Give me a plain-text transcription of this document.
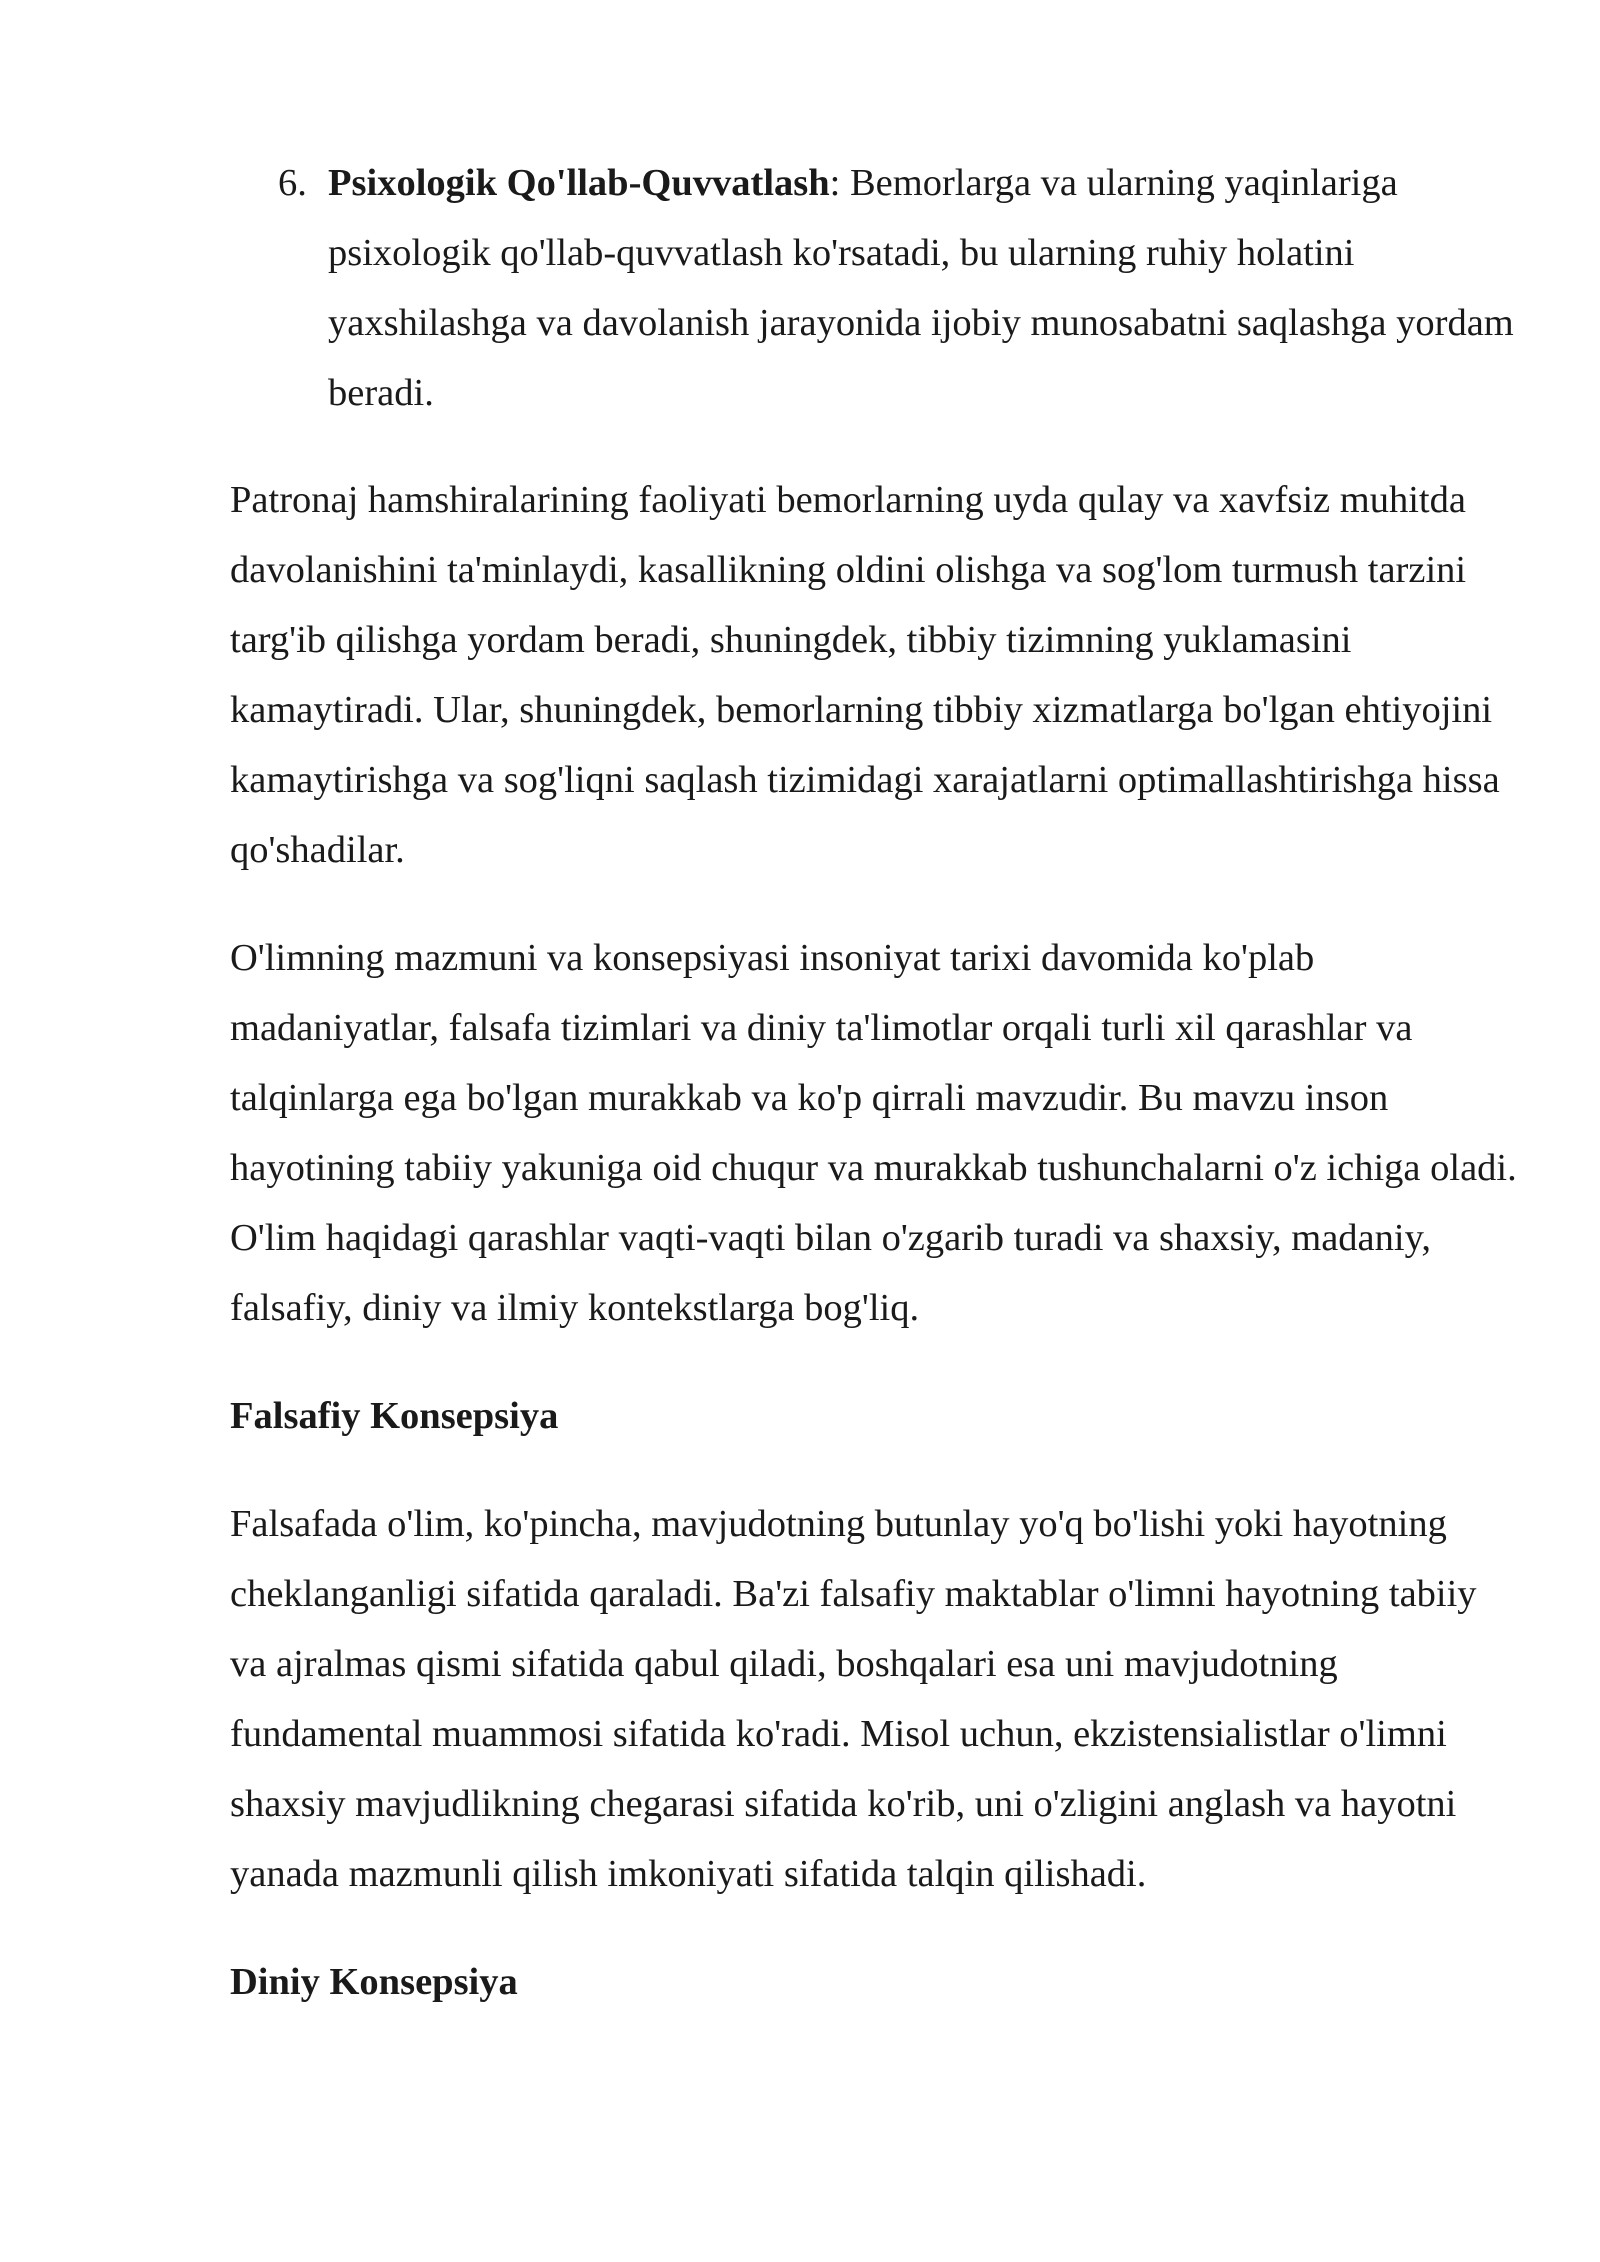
6. Psixologik Qo'llab-Quvvatlash: Bemorlarga va ularning yaqinlariga psixologik qo'llab-quvvatlash ko'rsatadi, bu ularning ruhiy holatini yaxshilashga va davolanish jarayonida ijobiy munosabatni saqlashga yordam beradi.

Patronaj hamshiralarining faoliyati bemorlarning uyda qulay va xavfsiz muhitda davolanishini ta'minlaydi, kasallikning oldini olishga va sog'lom turmush tarzini targ'ib qilishga yordam beradi, shuningdek, tibbiy tizimning yuklamasini kamaytiradi. Ular, shuningdek, bemorlarning tibbiy xizmatlarga bo'lgan ehtiyojini kamaytirishga va sog'liqni saqlash tizimidagi xarajatlarni optimallashtirishga hissa qo'shadilar.

O'limning mazmuni va konsepsiyasi insoniyat tarixi davomida ko'plab madaniyatlar, falsafa tizimlari va diniy ta'limotlar orqali turli xil qarashlar va talqinlarga ega bo'lgan murakkab va ko'p qirrali mavzudir. Bu mavzu inson hayotining tabiiy yakuniga oid chuqur va murakkab tushunchalarni o'z ichiga oladi. O'lim haqidagi qarashlar vaqti-vaqti bilan o'zgarib turadi va shaxsiy, madaniy, falsafiy, diniy va ilmiy kontekstlarga bog'liq.

Falsafiy Konsepsiya

Falsafada o'lim, ko'pincha, mavjudotning butunlay yo'q bo'lishi yoki hayotning cheklanganligi sifatida qaraladi. Ba'zi falsafiy maktablar o'limni hayotning tabiiy va ajralmas qismi sifatida qabul qiladi, boshqalari esa uni mavjudotning fundamental muammosi sifatida ko'radi. Misol uchun, ekzistensialistlar o'limni shaxsiy mavjudlikning chegarasi sifatida ko'rib, uni o'zligini anglash va hayotni yanada mazmunli qilish imkoniyati sifatida talqin qilishadi.

Diniy Konsepsiya
